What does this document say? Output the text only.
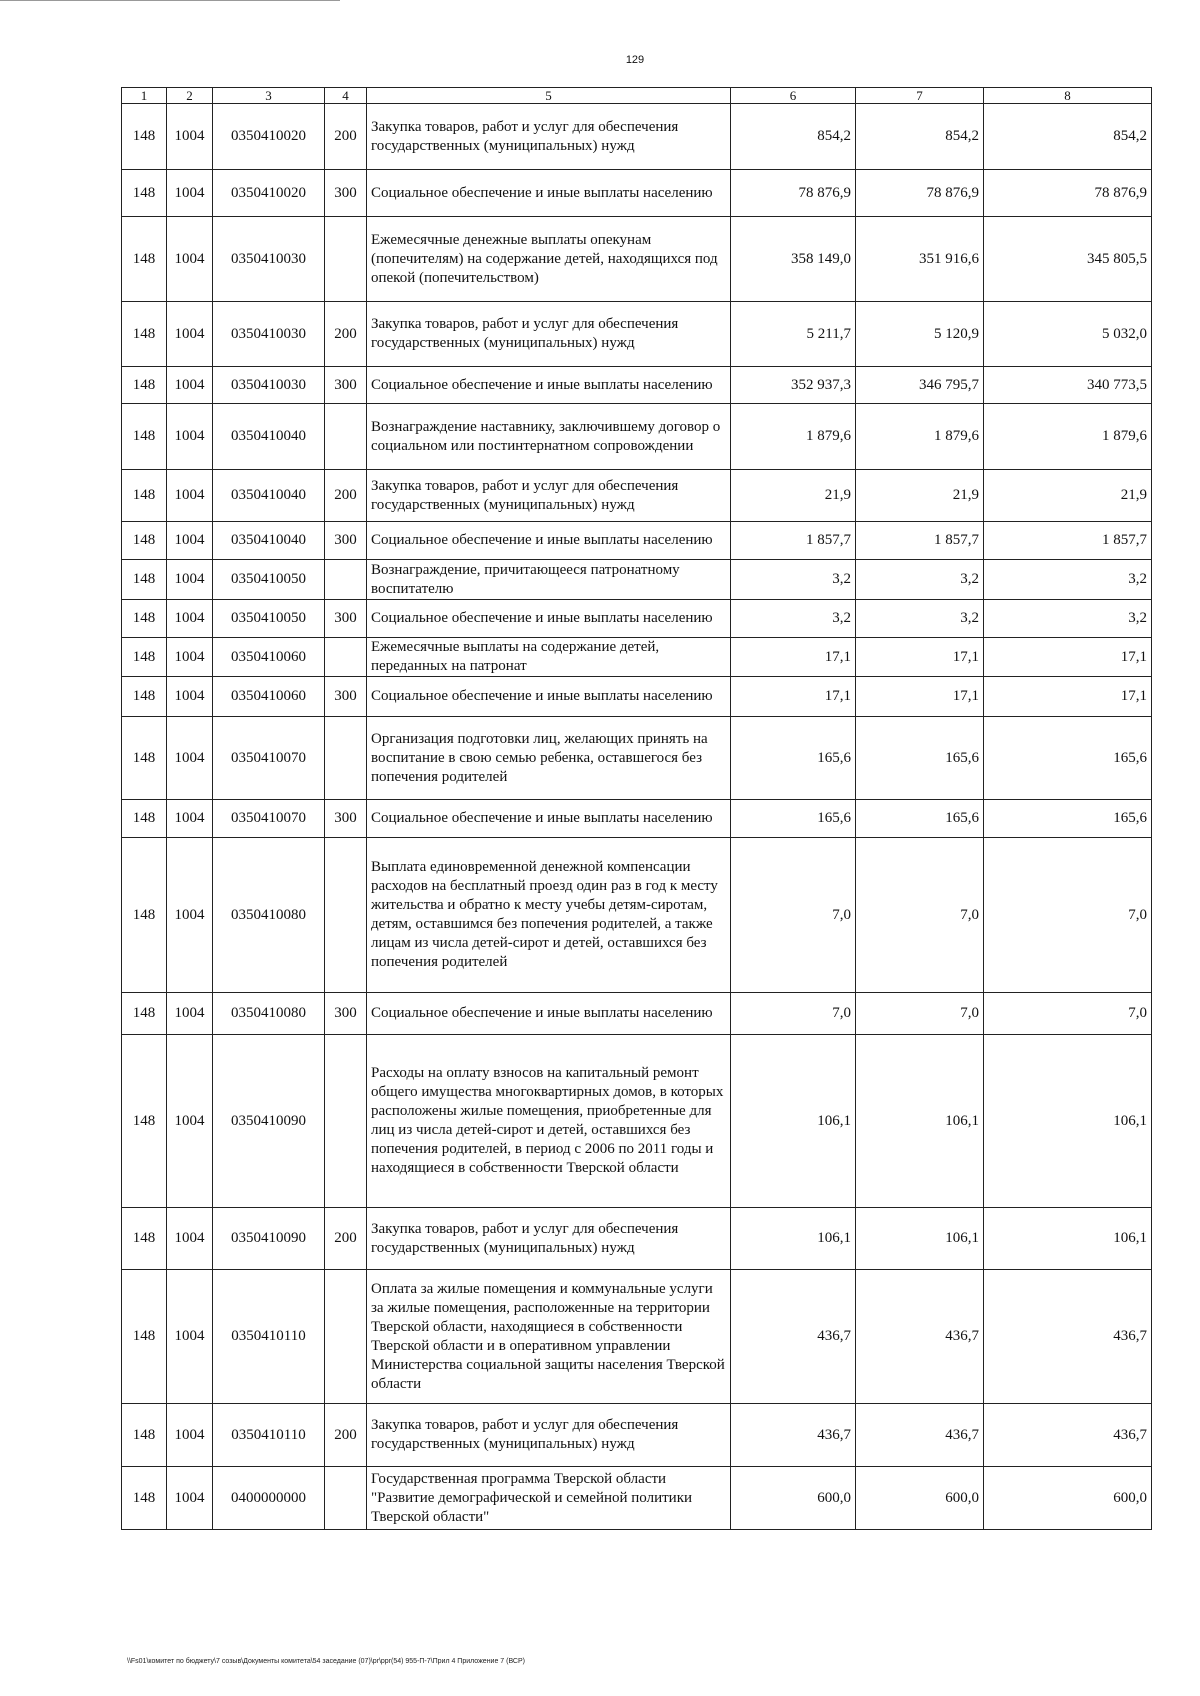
129
1	2	3	4	5	6	7	8
148	1004	0350410020	200	Закупка товаров, работ и услуг для обеспечения государственных (муниципальных) нужд	854,2	854,2	854,2
148	1004	0350410020	300	Социальное обеспечение и иные выплаты населению	78 876,9	78 876,9	78 876,9
148	1004	0350410030		Ежемесячные денежные выплаты опекунам (попечителям) на содержание детей, находящихся под опекой (попечительством)	358 149,0	351 916,6	345 805,5
148	1004	0350410030	200	Закупка товаров, работ и услуг для обеспечения государственных (муниципальных) нужд	5 211,7	5 120,9	5 032,0
148	1004	0350410030	300	Социальное обеспечение и иные выплаты населению	352 937,3	346 795,7	340 773,5
148	1004	0350410040		Вознаграждение наставнику, заключившему договор о социальном или постинтернатном сопровождении	1 879,6	1 879,6	1 879,6
148	1004	0350410040	200	Закупка товаров, работ и услуг для обеспечения государственных (муниципальных) нужд	21,9	21,9	21,9
148	1004	0350410040	300	Социальное обеспечение и иные выплаты населению	1 857,7	1 857,7	1 857,7
148	1004	0350410050		Вознаграждение, причитающееся патронатному воспитателю	3,2	3,2	3,2
148	1004	0350410050	300	Социальное обеспечение и иные выплаты населению	3,2	3,2	3,2
148	1004	0350410060		Ежемесячные выплаты на содержание детей, переданных на патронат	17,1	17,1	17,1
148	1004	0350410060	300	Социальное обеспечение и иные выплаты населению	17,1	17,1	17,1
148	1004	0350410070		Организация подготовки лиц, желающих принять на воспитание в свою семью ребенка, оставшегося без попечения родителей	165,6	165,6	165,6
148	1004	0350410070	300	Социальное обеспечение и иные выплаты населению	165,6	165,6	165,6
148	1004	0350410080		Выплата единовременной денежной компенсации расходов на бесплатный проезд один раз в год к месту жительства и обратно к месту учебы детям-сиротам, детям, оставшимся без попечения родителей, а также лицам из числа детей-сирот и детей, оставшихся без попечения родителей	7,0	7,0	7,0
148	1004	0350410080	300	Социальное обеспечение и иные выплаты населению	7,0	7,0	7,0
148	1004	0350410090		Расходы на оплату взносов на капитальный ремонт общего имущества многоквартирных домов, в которых расположены жилые помещения, приобретенные для лиц из числа детей-сирот и детей, оставшихся без попечения родителей, в период с 2006 по 2011 годы и находящиеся в собственности Тверской области	106,1	106,1	106,1
148	1004	0350410090	200	Закупка товаров, работ и услуг для обеспечения государственных (муниципальных) нужд	106,1	106,1	106,1
148	1004	0350410110		Оплата за жилые помещения и коммунальные услуги за жилые помещения, расположенные на территории Тверской области, находящиеся в собственности Тверской области и в оперативном управлении Министерства социальной защиты населения Тверской области	436,7	436,7	436,7
148	1004	0350410110	200	Закупка товаров, работ и услуг для обеспечения государственных (муниципальных) нужд	436,7	436,7	436,7
148	1004	0400000000		Государственная программа Тверской области "Развитие демографической и семейной политики Тверской области"	600,0	600,0	600,0
\\Fs01\комитет по бюджету\7 созыв\Документы комитета\54 заседание (07)\pr\ppr(54) 955-П-7\Прил 4 Приложение 7 (ВСР)
